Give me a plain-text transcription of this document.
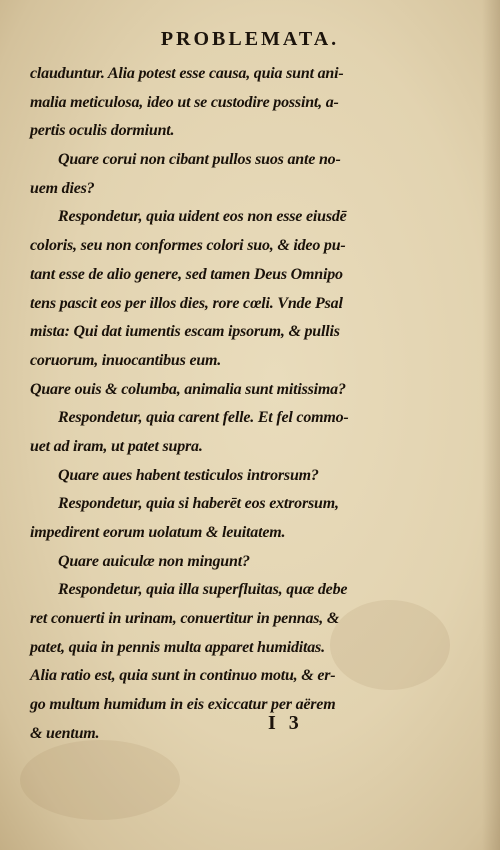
PROBLEMATA.
clauduntur. Alia potest esse causa, quia sunt ani-
malia meticulosa, ideo ut se custodire possint, a-
pertis oculis dormiunt.
Quare corui non cibant pullos suos ante no-
uem dies?
Respondetur, quia uident eos non esse eiusdē
coloris, seu non conformes colori suo, & ideo pu-
tant esse de alio genere, sed tamen Deus Omnipo
tens pascit eos per illos dies, rore cœli. Vnde Psal
mista: Qui dat iumentis escam ipsorum, & pullis
coruorum, inuocantibus eum.
Quare ouis & columba, animalia sunt mitissima?
Respondetur, quia carent felle. Et fel commo-
uet ad iram, ut patet supra.
Quare aues habent testiculos introrsum?
Respondetur, quia si haberēt eos extrorsum,
impedirent eorum uolatum & leuitatem.
Quare auiculæ non mingunt?
Respondetur, quia illa superfluitas, quæ debe
ret conuerti in urinam, conuertitur in pennas, &
patet, quia in pennis multa apparet humiditas.
Alia ratio est, quia sunt in continuo motu, & er-
go multum humidum in eis exiccatur per aërem
& uentum.	I 3
